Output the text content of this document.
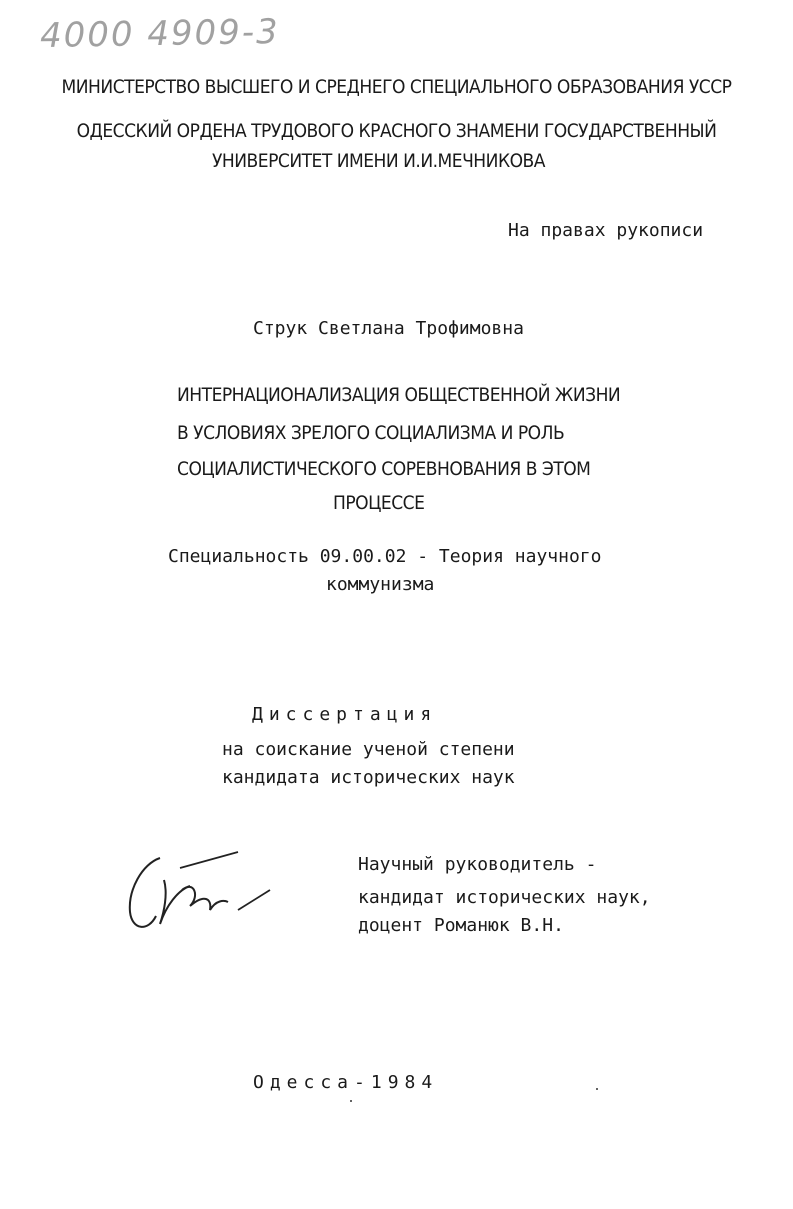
4000 4909-3
МИНИСТЕРСТВО ВЫСШЕГО И СРЕДНЕГО СПЕЦИАЛЬНОГО ОБРАЗОВАНИЯ УССР
ОДЕССКИЙ ОРДЕНА ТРУДОВОГО КРАСНОГО ЗНАМЕНИ ГОСУДАРСТВЕННЫЙ
УНИВЕРСИТЕТ ИМЕНИ И.И.МЕЧНИКОВА
На правах рукописи
Струк Светлана Трофимовна
ИНТЕРНАЦИОНАЛИЗАЦИЯ ОБЩЕСТВЕННОЙ ЖИЗНИ
В УСЛОВИЯХ ЗРЕЛОГО СОЦИАЛИЗМА И РОЛЬ
СОЦИАЛИСТИЧЕСКОГО СОРЕВНОВАНИЯ В ЭТОМ
ПРОЦЕССЕ
Специальность 09.00.02 - Теория научного
коммунизма
Диссертация
на соискание ученой степени
кандидата исторических наук
Научный руководитель -
кандидат исторических наук,
доцент Романюк В.Н.
Одесса-1984
